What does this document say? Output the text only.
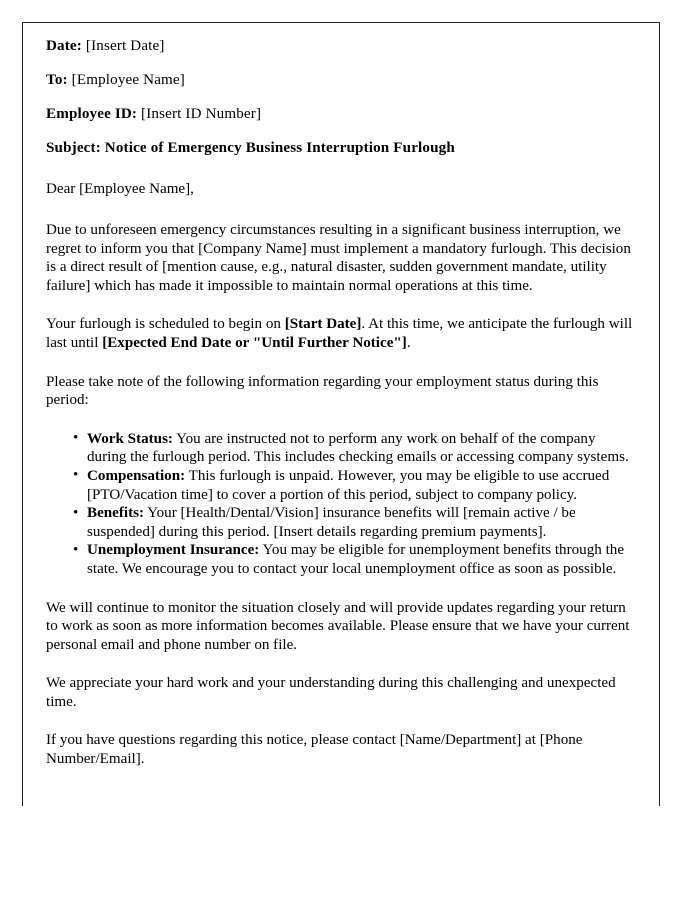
Date: [Insert Date]
To: [Employee Name]
Employee ID: [Insert ID Number]
Subject: Notice of Emergency Business Interruption Furlough
Dear [Employee Name],

Due to unforeseen emergency circumstances resulting in a significant business interruption, we regret to inform you that [Company Name] must implement a mandatory furlough. This decision is a direct result of [mention cause, e.g., natural disaster, sudden government mandate, utility failure] which has made it impossible to maintain normal operations at this time.

Your furlough is scheduled to begin on [Start Date]. At this time, we anticipate the furlough will last until [Expected End Date or "Until Further Notice"].

Please take note of the following information regarding your employment status during this period:

• Work Status: You are instructed not to perform any work on behalf of the company during the furlough period. This includes checking emails or accessing company systems.
• Compensation: This furlough is unpaid. However, you may be eligible to use accrued [PTO/Vacation time] to cover a portion of this period, subject to company policy.
• Benefits: Your [Health/Dental/Vision] insurance benefits will [remain active / be suspended] during this period. [Insert details regarding premium payments].
• Unemployment Insurance: You may be eligible for unemployment benefits through the state. We encourage you to contact your local unemployment office as soon as possible.

We will continue to monitor the situation closely and will provide updates regarding your return to work as soon as more information becomes available. Please ensure that we have your current personal email and phone number on file.

We appreciate your hard work and your understanding during this challenging and unexpected time.

If you have questions regarding this notice, please contact [Name/Department] at [Phone Number/Email].
